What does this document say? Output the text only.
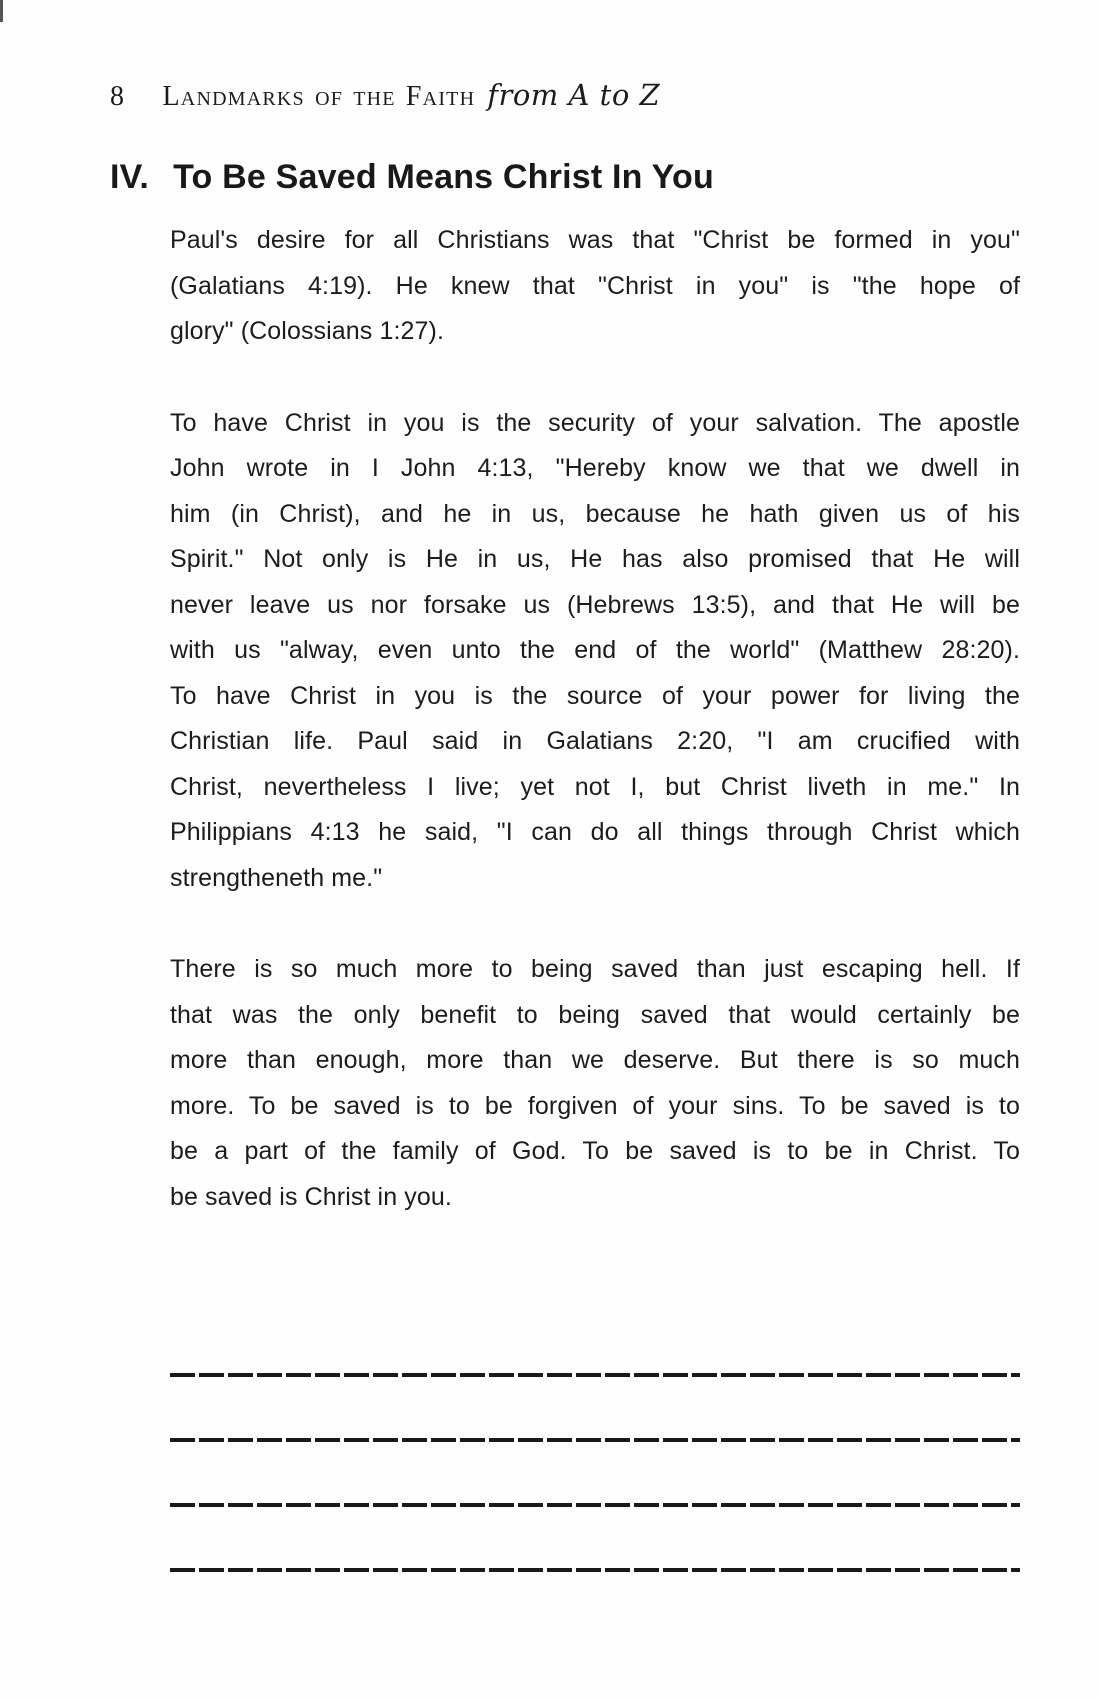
8 Landmarks of the Faith from A to Z
IV. To Be Saved Means Christ In You
Paul's desire for all Christians was that "Christ be formed in you"
(Galatians 4:19). He knew that "Christ in you" is "the hope of
glory" (Colossians 1:27).
To have Christ in you is the security of your salvation. The apostle
John wrote in I John 4:13, "Hereby know we that we dwell in
him (in Christ), and he in us, because he hath given us of his
Spirit." Not only is He in us, He has also promised that He will
never leave us nor forsake us (Hebrews 13:5), and that He will be
with us "alway, even unto the end of the world" (Matthew 28:20).
To have Christ in you is the source of your power for living the
Christian life. Paul said in Galatians 2:20, "I am crucified with
Christ, nevertheless I live; yet not I, but Christ liveth in me." In
Philippians 4:13 he said, "I can do all things through Christ which
strengtheneth me."
There is so much more to being saved than just escaping hell. If
that was the only benefit to being saved that would certainly be
more than enough, more than we deserve. But there is so much
more. To be saved is to be forgiven of your sins. To be saved is to
be a part of the family of God. To be saved is to be in Christ. To
be saved is Christ in you.
